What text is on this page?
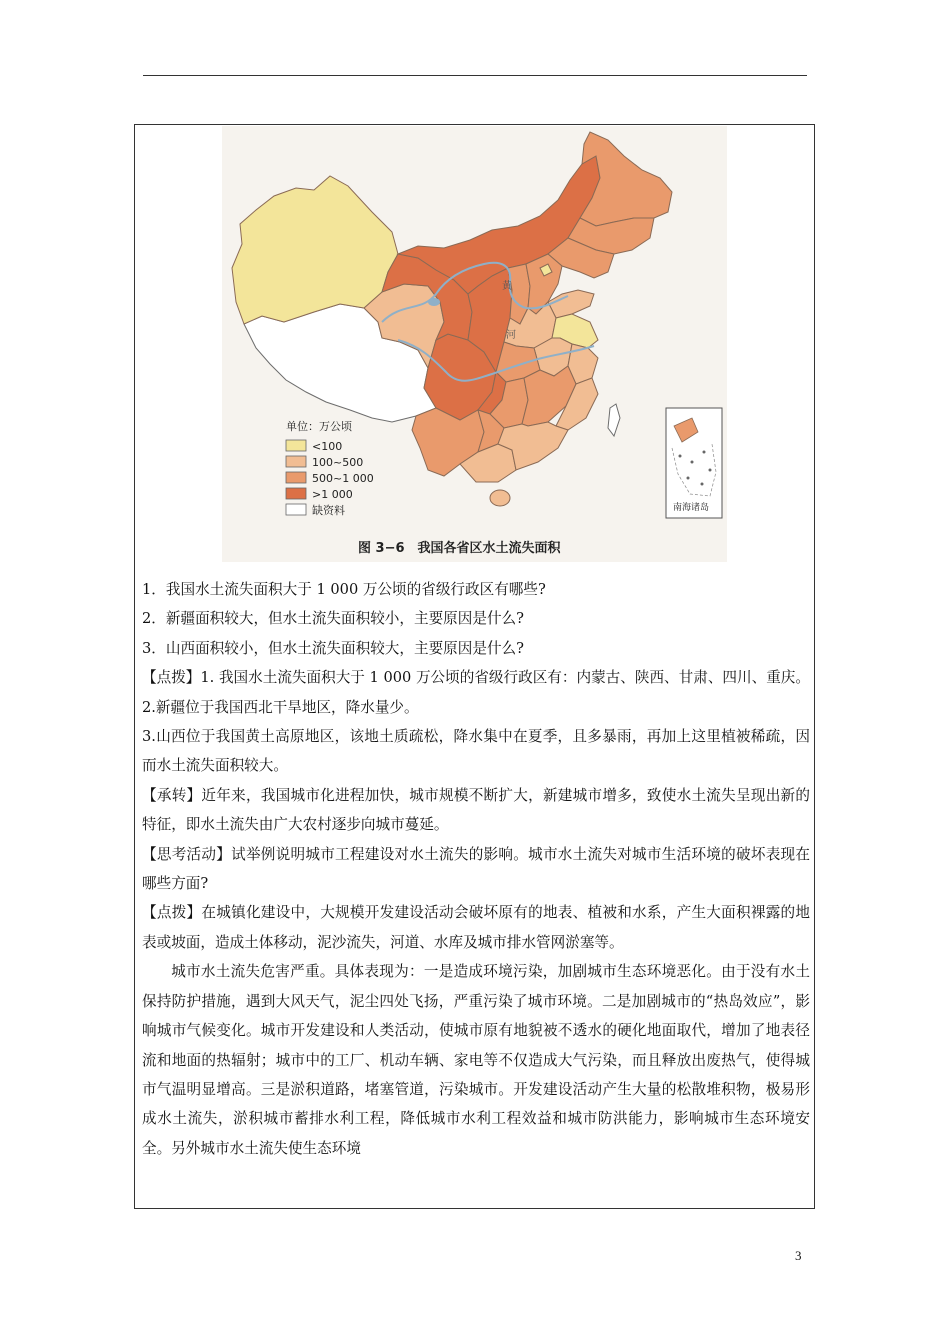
黄
河
南海诸岛
单位：万公顷
<100
100~500
500~1 000
>1 000
缺资料
图 3−6　我国各省区水土流失面积

1．我国水土流失面积大于 1 000 万公顷的省级行政区有哪些?

2．新疆面积较大，但水土流失面积较小，主要原因是什么?

3．山西面积较小，但水土流失面积较大，主要原因是什么?

【点拨】1. 我国水土流失面积大于 1 000 万公顷的省级行政区有：内蒙古、陕西、甘肃、四川、重庆。

2.新疆位于我国西北干旱地区，降水量少。

3.山西位于我国黄土高原地区，该地土质疏松，降水集中在夏季，且多暴雨，再加上这里植被稀疏，因而水土流失面积较大。

【承转】近年来，我国城市化进程加快，城市规模不断扩大，新建城市增多，致使水土流失呈现出新的特征，即水土流失由广大农村逐步向城市蔓延。

【思考活动】试举例说明城市工程建设对水土流失的影响。城市水土流失对城市生活环境的破坏表现在哪些方面?

【点拨】在城镇化建设中，大规模开发建设活动会破坏原有的地表、植被和水系，产生大面积裸露的地表或坡面，造成土体移动，泥沙流失，河道、水库及城市排水管网淤塞等。

城市水土流失危害严重。具体表现为：一是造成环境污染，加剧城市生态环境恶化。由于没有水土保持防护措施，遇到大风天气，泥尘四处飞扬，严重污染了城市环境。二是加剧城市的“热岛效应”，影响城市气候变化。城市开发建设和人类活动，使城市原有地貌被不透水的硬化地面取代，增加了地表径流和地面的热辐射；城市中的工厂、机动车辆、家电等不仅造成大气污染，而且释放出废热气，使得城市气温明显增高。三是淤积道路，堵塞管道，污染城市。开发建设活动产生大量的松散堆积物，极易形成水土流失，淤积城市蓄排水利工程，降低城市水利工程效益和城市防洪能力，影响城市生态环境安全。另外城市水土流失使生态环境

3
